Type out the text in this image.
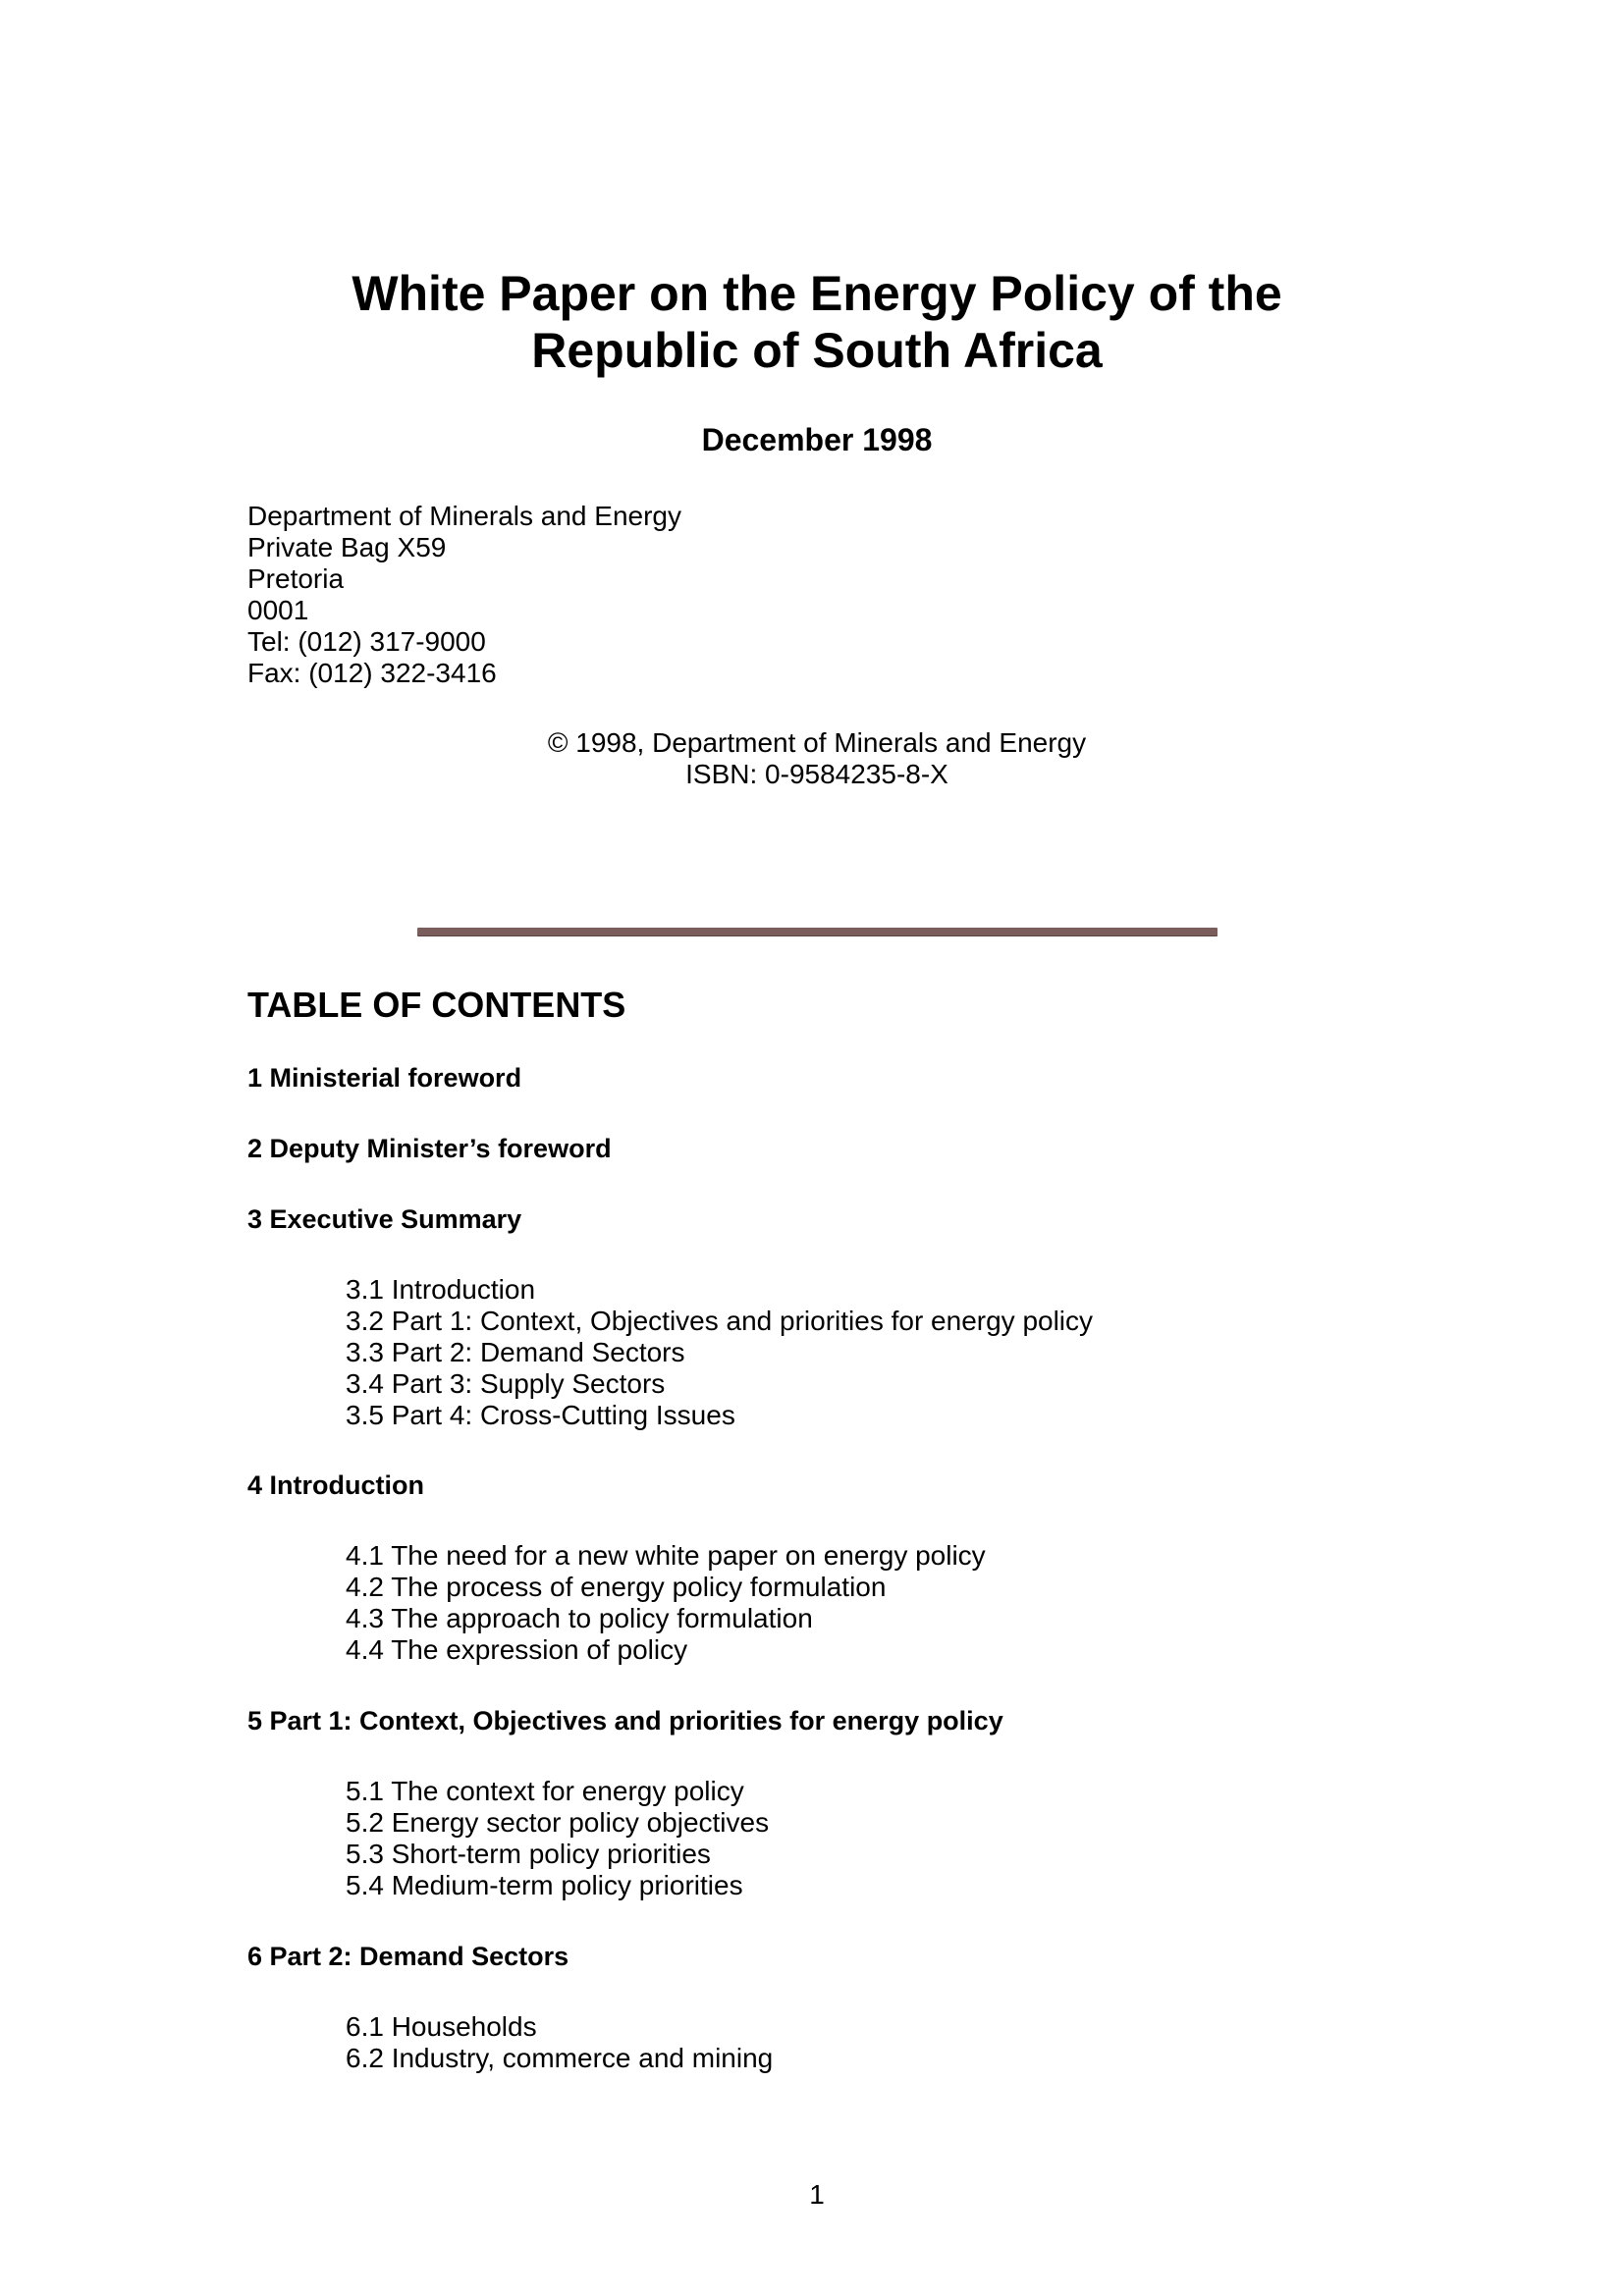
White Paper on the Energy Policy of the
Republic of South Africa
December 1998
Department of Minerals and Energy
Private Bag X59
Pretoria
0001
Tel: (012) 317-9000
Fax: (012) 322-3416
© 1998, Department of Minerals and Energy
ISBN: 0-9584235-8-X
TABLE OF CONTENTS
1 Ministerial foreword
2 Deputy Minister’s foreword
3 Executive Summary
3.1 Introduction
3.2 Part 1: Context, Objectives and priorities for energy policy
3.3 Part 2: Demand Sectors
3.4 Part 3: Supply Sectors
3.5 Part 4: Cross-Cutting Issues
4 Introduction
4.1 The need for a new white paper on energy policy
4.2 The process of energy policy formulation
4.3 The approach to policy formulation
4.4 The expression of policy
5 Part 1: Context, Objectives and priorities for energy policy
5.1 The context for energy policy
5.2 Energy sector policy objectives
5.3 Short-term policy priorities
5.4 Medium-term policy priorities
6 Part 2: Demand Sectors
6.1 Households
6.2 Industry, commerce and mining
1
